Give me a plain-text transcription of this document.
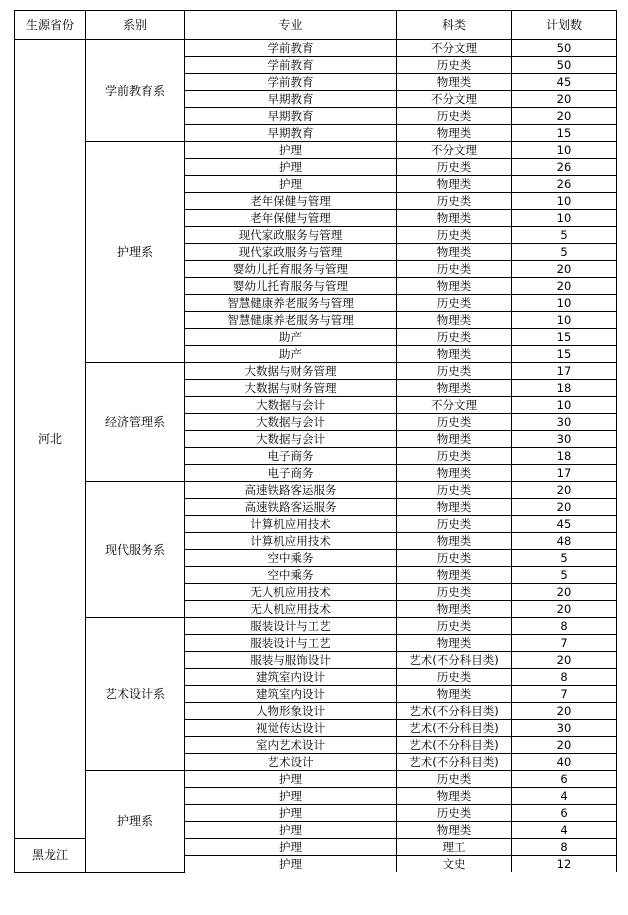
生源省份	系别	专业	科类	计划数
河北	学前教育系	学前教育	不分文理	50
		学前教育	历史类	50
		学前教育	物理类	45
		早期教育	不分文理	20
		早期教育	历史类	20
		早期教育	物理类	15
	护理系	护理	不分文理	10
		护理	历史类	26
		护理	物理类	26
		老年保健与管理	历史类	10
		老年保健与管理	物理类	10
		现代家政服务与管理	历史类	5
		现代家政服务与管理	物理类	5
		婴幼儿托育服务与管理	历史类	20
		婴幼儿托育服务与管理	物理类	20
		智慧健康养老服务与管理	历史类	10
		智慧健康养老服务与管理	物理类	10
		助产	历史类	15
		助产	物理类	15
	经济管理系	大数据与财务管理	历史类	17
		大数据与财务管理	物理类	18
		大数据与会计	不分文理	10
		大数据与会计	历史类	30
		大数据与会计	物理类	30
		电子商务	历史类	18
		电子商务	物理类	17
	现代服务系	高速铁路客运服务	历史类	20
		高速铁路客运服务	物理类	20
		计算机应用技术	历史类	45
		计算机应用技术	物理类	48
		空中乘务	历史类	5
		空中乘务	物理类	5
		无人机应用技术	历史类	20
		无人机应用技术	物理类	20
	艺术设计系	服装设计与工艺	历史类	8
		服装设计与工艺	物理类	7
		服装与服饰设计	艺术(不分科目类)	20
		建筑室内设计	历史类	8
		建筑室内设计	物理类	7
		人物形象设计	艺术(不分科目类)	20
		视觉传达设计	艺术(不分科目类)	30
		室内艺术设计	艺术(不分科目类)	20
		艺术设计	艺术(不分科目类)	40
	护理系	护理	历史类	6
		护理	物理类	4
		护理	历史类	6
		护理	物理类	4
黑龙江		护理	理工	8
		护理	文史	12
